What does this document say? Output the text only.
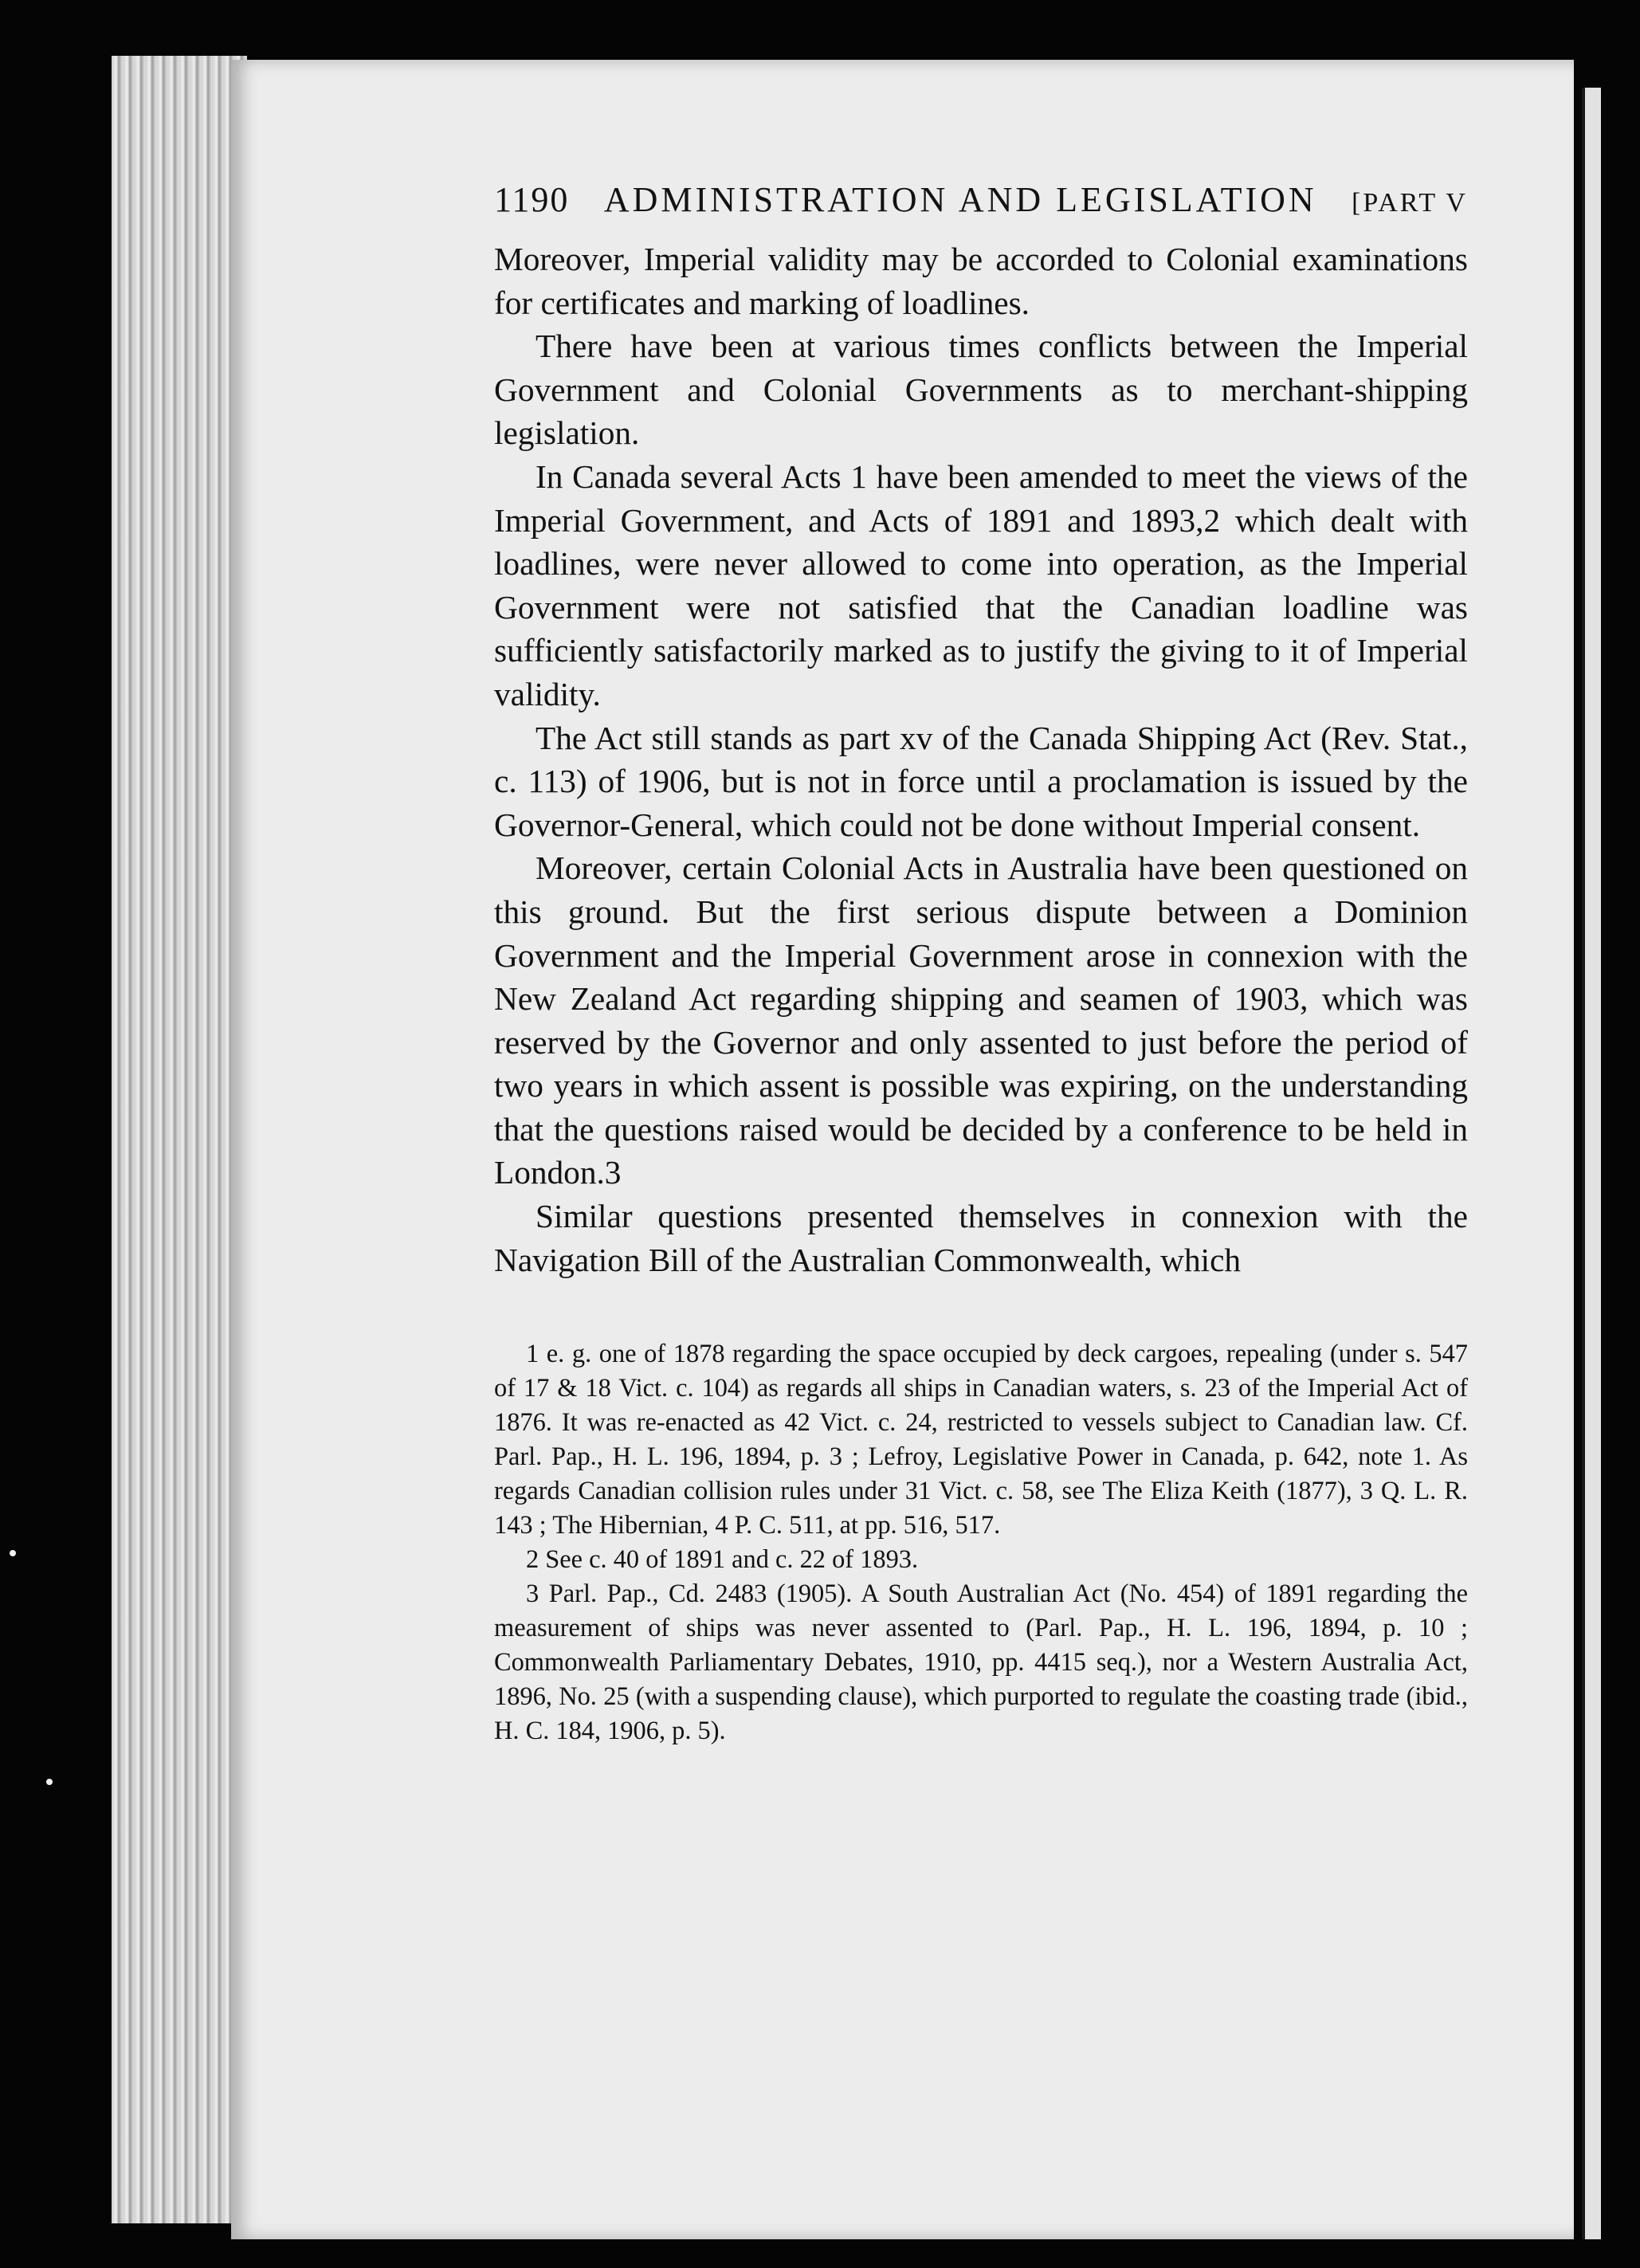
1190 ADMINISTRATION AND LEGISLATION	[PART V

Moreover, Imperial validity may be accorded to Colonial examinations for certificates and marking of loadlines.

There have been at various times conflicts between the Imperial Government and Colonial Governments as to merchant-shipping legislation.

In Canada several Acts 1 have been amended to meet the views of the Imperial Government, and Acts of 1891 and 1893,2 which dealt with loadlines, were never allowed to come into operation, as the Imperial Government were not satisfied that the Canadian loadline was sufficiently satisfactorily marked as to justify the giving to it of Imperial validity.

The Act still stands as part xv of the Canada Shipping Act (Rev. Stat., c. 113) of 1906, but is not in force until a proclamation is issued by the Governor-General, which could not be done without Imperial consent.

Moreover, certain Colonial Acts in Australia have been questioned on this ground. But the first serious dispute between a Dominion Government and the Imperial Government arose in connexion with the New Zealand Act regarding shipping and seamen of 1903, which was reserved by the Governor and only assented to just before the period of two years in which assent is possible was expiring, on the understanding that the questions raised would be decided by a conference to be held in London.3

Similar questions presented themselves in connexion with the Navigation Bill of the Australian Commonwealth, which

1 e. g. one of 1878 regarding the space occupied by deck cargoes, repealing (under s. 547 of 17 & 18 Vict. c. 104) as regards all ships in Canadian waters, s. 23 of the Imperial Act of 1876. It was re-enacted as 42 Vict. c. 24, restricted to vessels subject to Canadian law. Cf. Parl. Pap., H. L. 196, 1894, p. 3 ; Lefroy, Legislative Power in Canada, p. 642, note 1. As regards Canadian collision rules under 31 Vict. c. 58, see The Eliza Keith (1877), 3 Q. L. R. 143 ; The Hibernian, 4 P. C. 511, at pp. 516, 517.

2 See c. 40 of 1891 and c. 22 of 1893.

3 Parl. Pap., Cd. 2483 (1905). A South Australian Act (No. 454) of 1891 regarding the measurement of ships was never assented to (Parl. Pap., H. L. 196, 1894, p. 10 ; Commonwealth Parliamentary Debates, 1910, pp. 4415 seq.), nor a Western Australia Act, 1896, No. 25 (with a suspending clause), which purported to regulate the coasting trade (ibid., H. C. 184, 1906, p. 5).
